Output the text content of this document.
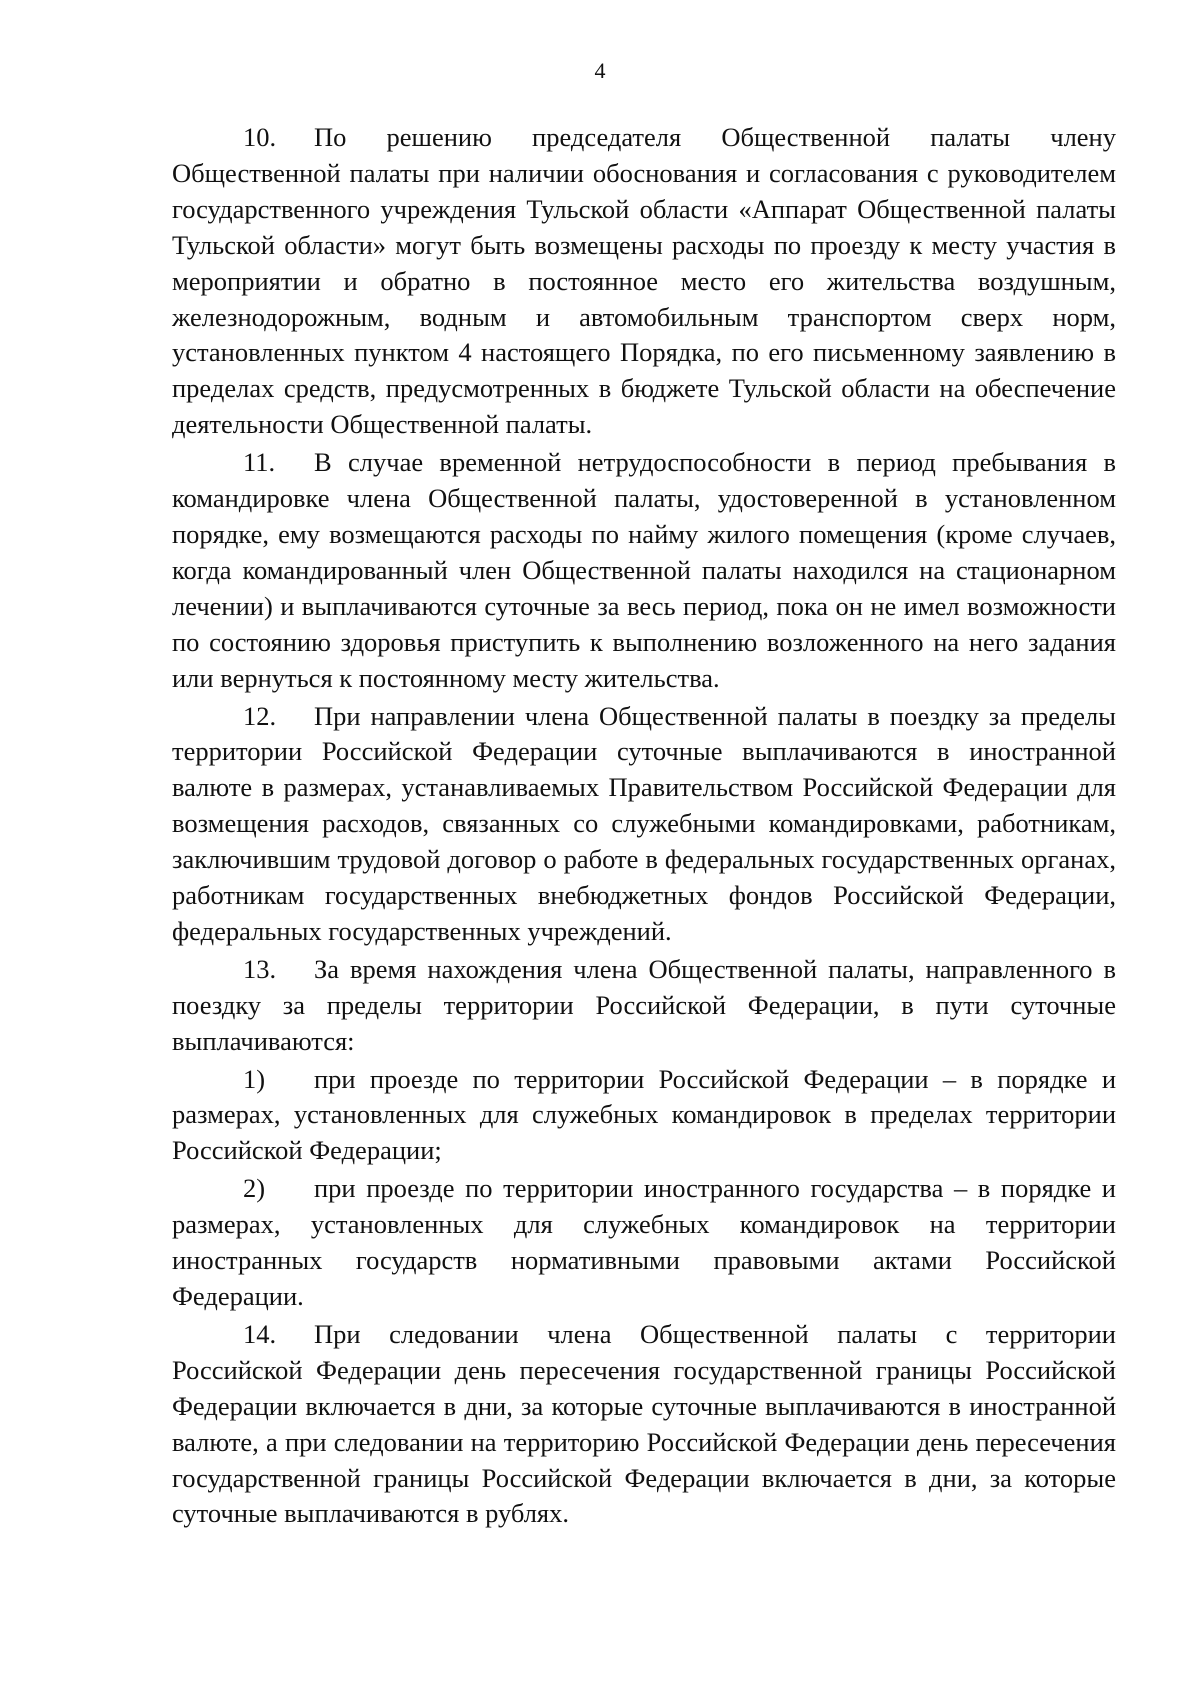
4

10. По решению председателя Общественной палаты члену Общественной палаты при наличии обоснования и согласования с руководителем государственного учреждения Тульской области «Аппарат Общественной палаты Тульской области» могут быть возмещены расходы по проезду к месту участия в мероприятии и обратно в постоянное место его жительства воздушным, железнодорожным, водным и автомобильным транспортом сверх норм, установленных пунктом 4 настоящего Порядка, по его письменному заявлению в пределах средств, предусмотренных в бюджете Тульской области на обеспечение деятельности Общественной палаты.

11. В случае временной нетрудоспособности в период пребывания в командировке члена Общественной палаты, удостоверенной в установленном порядке, ему возмещаются расходы по найму жилого помещения (кроме случаев, когда командированный член Общественной палаты находился на стационарном лечении) и выплачиваются суточные за весь период, пока он не имел возможности по состоянию здоровья приступить к выполнению возложенного на него задания или вернуться к постоянному месту жительства.

12. При направлении члена Общественной палаты в поездку за пределы территории Российской Федерации суточные выплачиваются в иностранной валюте в размерах, устанавливаемых Правительством Российской Федерации для возмещения расходов, связанных со служебными командировками, работникам, заключившим трудовой договор о работе в федеральных государственных органах, работникам государственных внебюджетных фондов Российской Федерации, федеральных государственных учреждений.

13. За время нахождения члена Общественной палаты, направленного в поездку за пределы территории Российской Федерации, в пути суточные выплачиваются:

1) при проезде по территории Российской Федерации – в порядке и размерах, установленных для служебных командировок в пределах территории Российской Федерации;

2) при проезде по территории иностранного государства – в порядке и размерах, установленных для служебных командировок на территории иностранных государств нормативными правовыми актами Российской Федерации.

14. При следовании члена Общественной палаты с территории Российской Федерации день пересечения государственной границы Российской Федерации включается в дни, за которые суточные выплачиваются в иностранной валюте, а при следовании на территорию Российской Федерации день пересечения государственной границы Российской Федерации включается в дни, за которые суточные выплачиваются в рублях.
